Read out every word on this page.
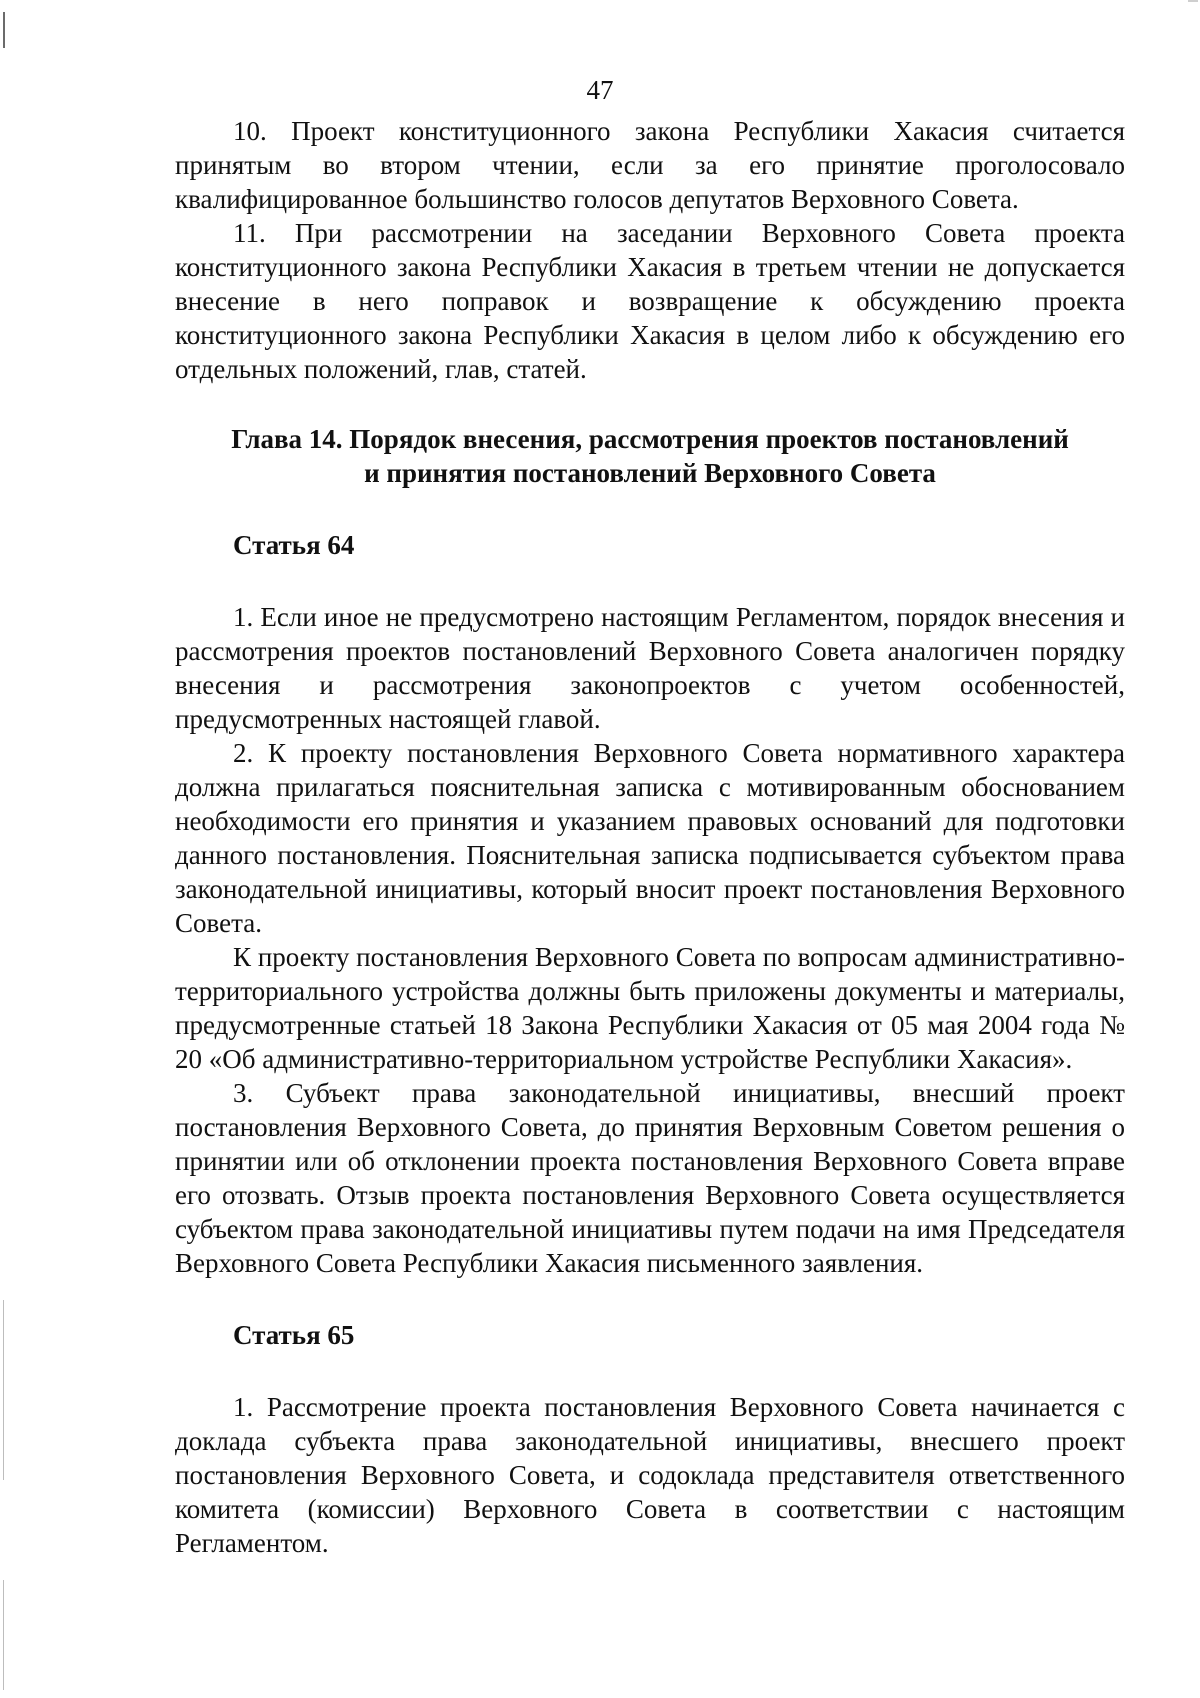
47

10. Проект конституционного закона Республики Хакасия считается принятым во втором чтении, если за его принятие проголосовало квалифицированное большинство голосов депутатов Верховного Совета.

11. При рассмотрении на заседании Верховного Совета проекта конституционного закона Республики Хакасия в третьем чтении не допускается внесение в него поправок и возвращение к обсуждению проекта конституционного закона Республики Хакасия в целом либо к обсуждению его отдельных положений, глав, статей.

Глава 14. Порядок внесения, рассмотрения проектов постановлений
и принятия постановлений Верховного Совета
Статья 64

1. Если иное не предусмотрено настоящим Регламентом, порядок внесения и рассмотрения проектов постановлений Верховного Совета аналогичен порядку внесения и рассмотрения законопроектов с учетом особенностей, предусмотренных настоящей главой.

2. К проекту постановления Верховного Совета нормативного характера должна прилагаться пояснительная записка с мотивированным обоснованием необходимости его принятия и указанием правовых оснований для подготовки данного постановления. Пояснительная записка подписывается субъектом права законодательной инициативы, который вносит проект постановления Верховного Совета.

К проекту постановления Верховного Совета по вопросам административно-территориального устройства должны быть приложены документы и материалы, предусмотренные статьей 18 Закона Республики Хакасия от 05 мая 2004 года № 20 «Об административно-территориальном устройстве Республики Хакасия».

3. Субъект права законодательной инициативы, внесший проект постановления Верховного Совета, до принятия Верховным Советом решения о принятии или об отклонении проекта постановления Верховного Совета вправе его отозвать. Отзыв проекта постановления Верховного Совета осуществляется субъектом права законодательной инициативы путем подачи на имя Председателя Верховного Совета Республики Хакасия письменного заявления.

Статья 65

1. Рассмотрение проекта постановления Верховного Совета начинается с доклада субъекта права законодательной инициативы, внесшего проект постановления Верховного Совета, и содоклада представителя ответственного комитета (комиссии) Верховного Совета в соответствии с настоящим Регламентом.
